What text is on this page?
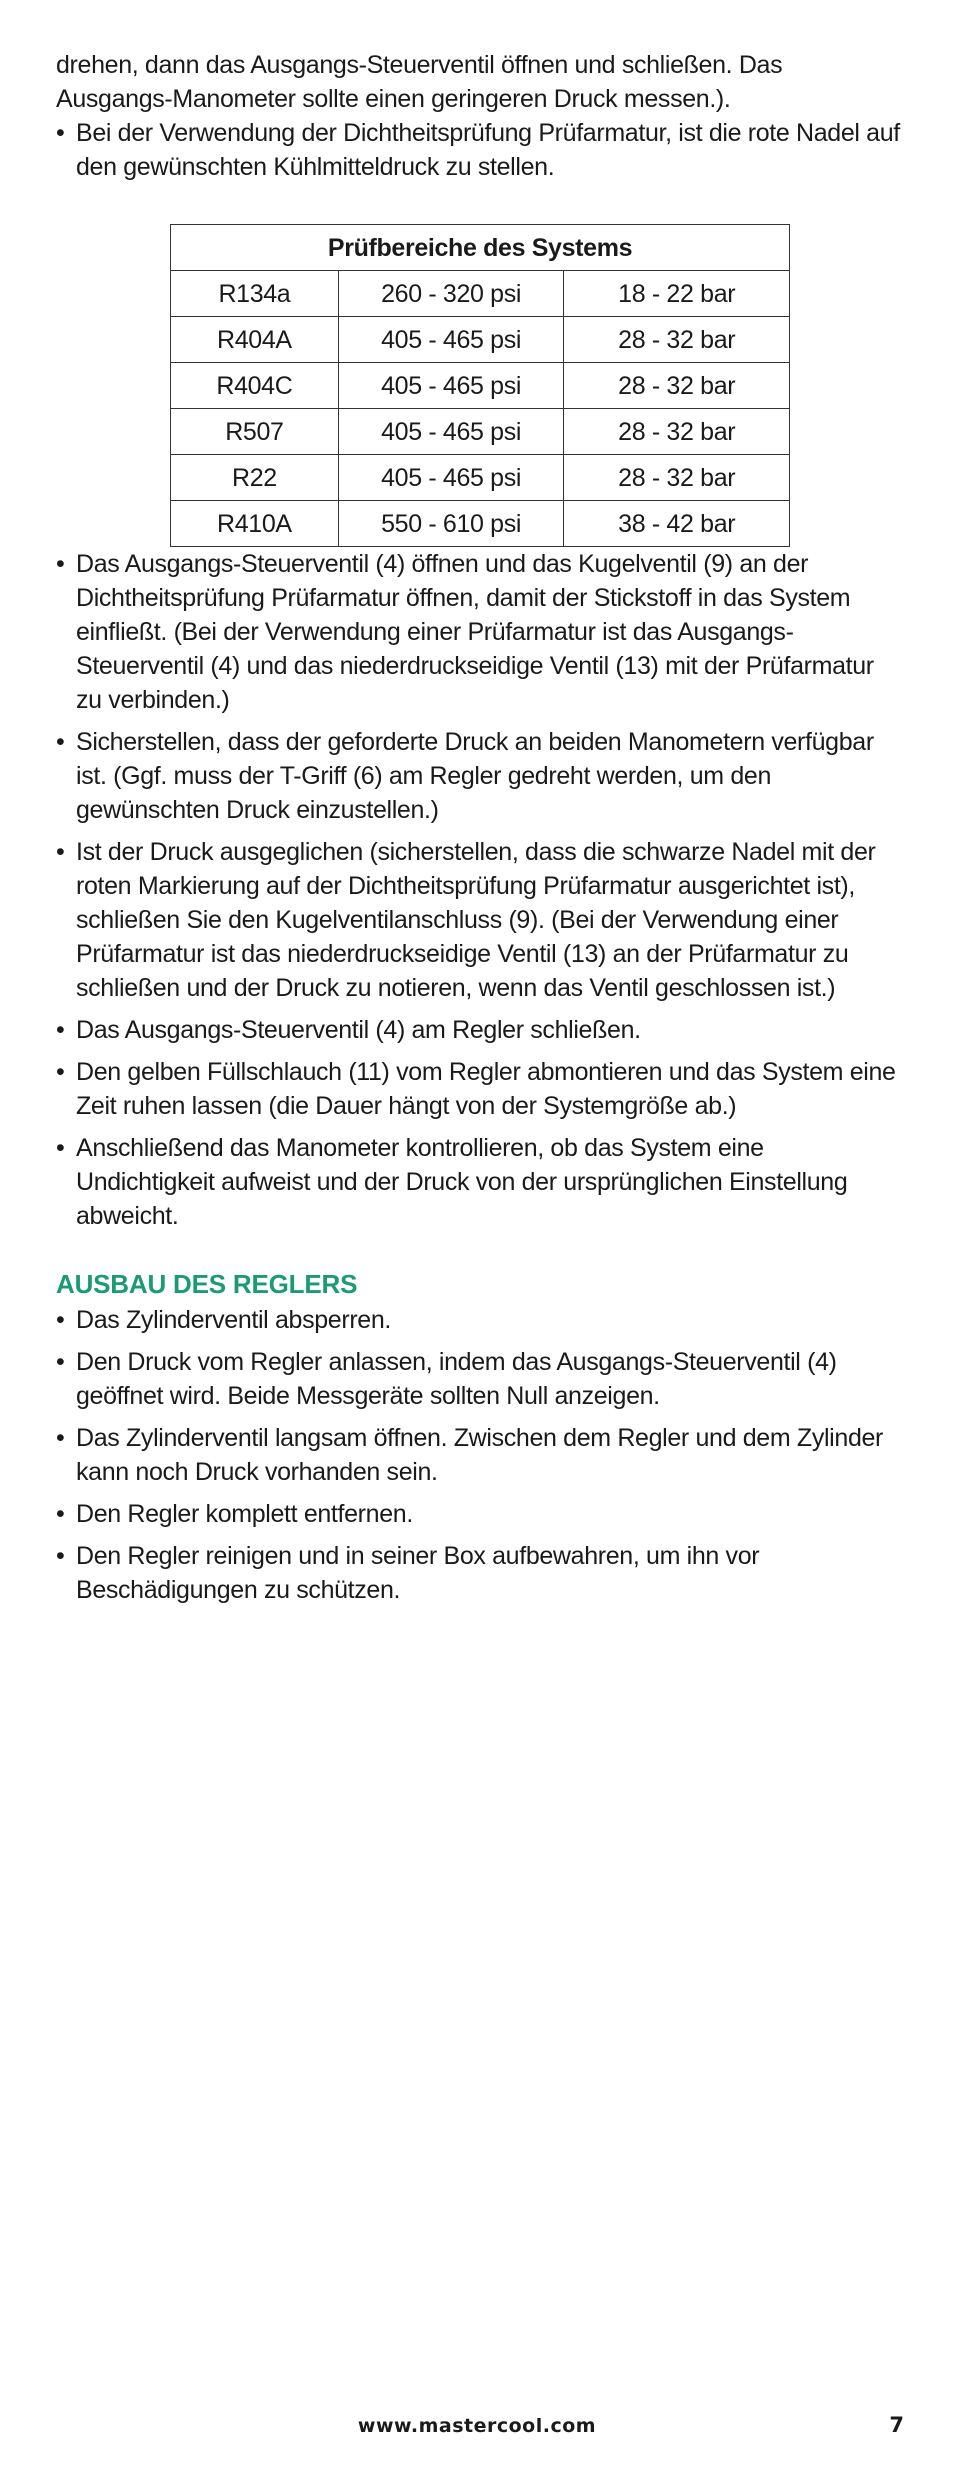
drehen, dann das Ausgangs-Steuerventil öffnen und schließen. Das

Ausgangs-Manometer sollte einen geringeren Druck messen.).

• Bei der Verwendung der Dichtheitsprüfung Prüfarmatur, ist die rote Nadel auf den gewünschten Kühlmitteldruck zu stellen.
Prüfbereiche des Systems		
R134a	260 - 320 psi	18 - 22 bar
R404A	405 - 465 psi	28 - 32 bar
R404C	405 - 465 psi	28 - 32 bar
R507	405 - 465 psi	28 - 32 bar
R22	405 - 465 psi	28 - 32 bar
R410A	550 - 610 psi	38 - 42 bar
• Das Ausgangs-Steuerventil (4) öffnen und das Kugelventil (9) an der Dichtheitsprüfung Prüfarmatur öffnen, damit der Stickstoff in das System einfließt. (Bei der Verwendung einer Prüfarmatur ist das Ausgangs-Steuerventil (4) und das niederdruckseidige Ventil (13) mit der Prüfarmatur zu verbinden.)
• Sicherstellen, dass der geforderte Druck an beiden Manometern verfügbar ist. (Ggf. muss der T-Griff (6) am Regler gedreht werden, um den gewünschten Druck einzustellen.)
• Ist der Druck ausgeglichen (sicherstellen, dass die schwarze Nadel mit der roten Markierung auf der Dichtheitsprüfung Prüfarmatur ausgerichtet ist), schließen Sie den Kugelventilanschluss (9). (Bei der Verwendung einer Prüfarmatur ist das niederdruckseidige Ventil (13) an der Prüfarmatur zu schließen und der Druck zu notieren, wenn das Ventil geschlossen ist.)
• Das Ausgangs-Steuerventil (4) am Regler schließen.
• Den gelben Füllschlauch (11) vom Regler abmontieren und das System eine Zeit ruhen lassen (die Dauer hängt von der Systemgröße ab.)
• Anschließend das Manometer kontrollieren, ob das System eine Undichtigkeit aufweist und der Druck von der ursprünglichen Einstellung abweicht.
AUSBAU DES REGLERS
• Das Zylinderventil absperren.
• Den Druck vom Regler anlassen, indem das Ausgangs-Steuerventil (4) geöffnet wird. Beide Messgeräte sollten Null anzeigen.
• Das Zylinderventil langsam öffnen. Zwischen dem Regler und dem Zylinder kann noch Druck vorhanden sein.
• Den Regler komplett entfernen.
• Den Regler reinigen und in seiner Box aufbewahren, um ihn vor Beschädigungen zu schützen.
www.mastercool.com	7
